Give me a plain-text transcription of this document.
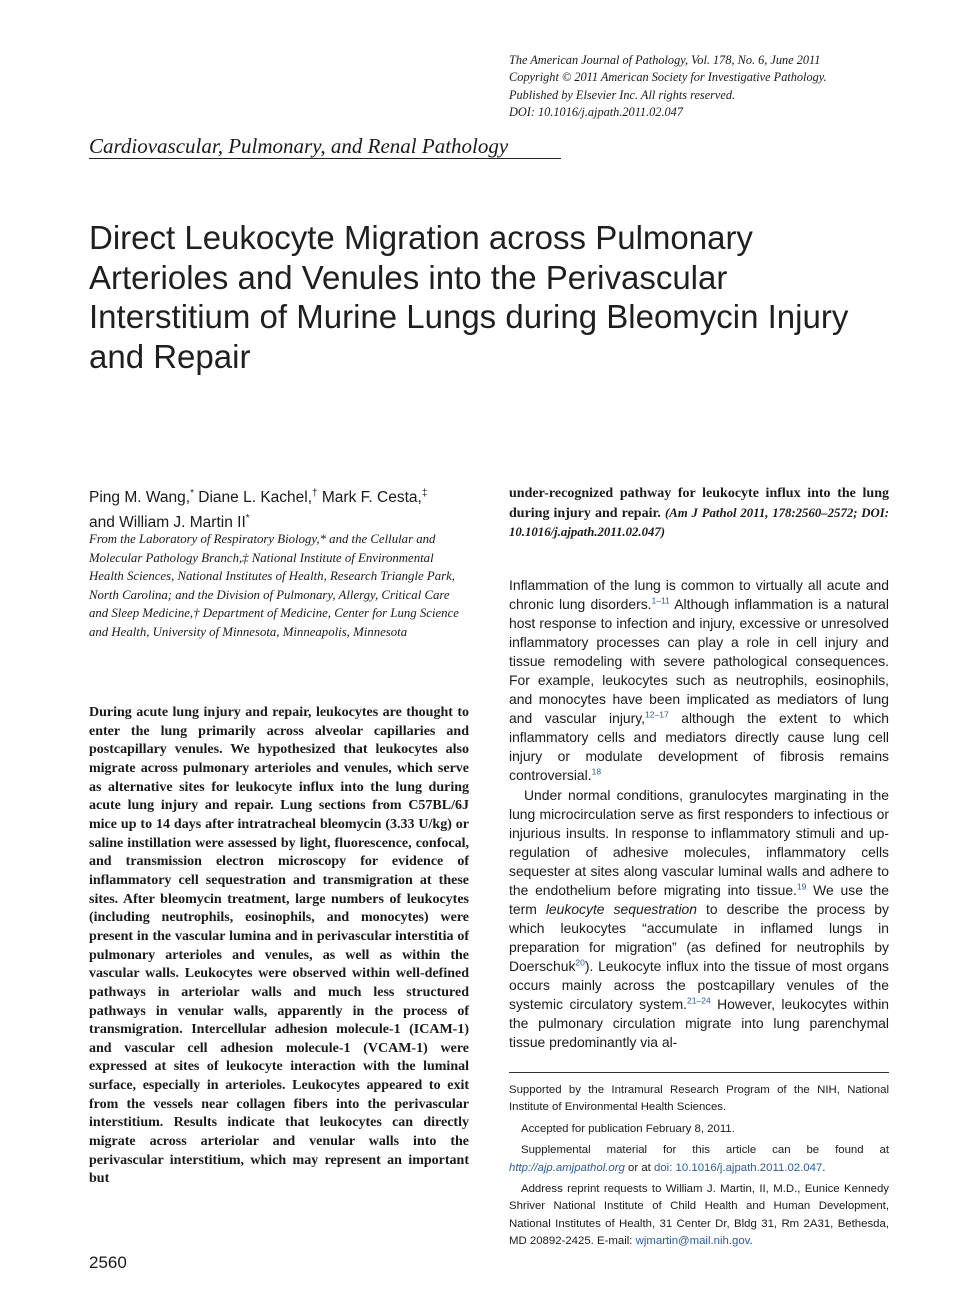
The American Journal of Pathology, Vol. 178, No. 6, June 2011
Copyright © 2011 American Society for Investigative Pathology.
Published by Elsevier Inc. All rights reserved.
DOI: 10.1016/j.ajpath.2011.02.047
Cardiovascular, Pulmonary, and Renal Pathology
Direct Leukocyte Migration across Pulmonary Arterioles and Venules into the Perivascular Interstitium of Murine Lungs during Bleomycin Injury and Repair
Ping M. Wang,* Diane L. Kachel,† Mark F. Cesta,‡
and William J. Martin II*
From the Laboratory of Respiratory Biology,* and the Cellular and Molecular Pathology Branch,‡ National Institute of Environmental Health Sciences, National Institutes of Health, Research Triangle Park, North Carolina; and the Division of Pulmonary, Allergy, Critical Care and Sleep Medicine,† Department of Medicine, Center for Lung Science and Health, University of Minnesota, Minneapolis, Minnesota
During acute lung injury and repair, leukocytes are thought to enter the lung primarily across alveolar capillaries and postcapillary venules. We hypothesized that leukocytes also migrate across pulmonary arterioles and venules, which serve as alternative sites for leukocyte influx into the lung during acute lung injury and repair. Lung sections from C57BL/6J mice up to 14 days after intratracheal bleomycin (3.33 U/kg) or saline instillation were assessed by light, fluorescence, confocal, and transmission electron microscopy for evidence of inflammatory cell sequestration and transmigration at these sites. After bleomycin treatment, large numbers of leukocytes (including neutrophils, eosinophils, and monocytes) were present in the vascular lumina and in perivascular interstitia of pulmonary arterioles and venules, as well as within the vascular walls. Leukocytes were observed within well-defined pathways in arteriolar walls and much less structured pathways in venular walls, apparently in the process of transmigration. Intercellular adhesion molecule-1 (ICAM-1) and vascular cell adhesion molecule-1 (VCAM-1) were expressed at sites of leukocyte interaction with the luminal surface, especially in arterioles. Leukocytes appeared to exit from the vessels near collagen fibers into the perivascular interstitium. Results indicate that leukocytes can directly migrate across arteriolar and venular walls into the perivascular interstitium, which may represent an important but
under-recognized pathway for leukocyte influx into the lung during injury and repair. (Am J Pathol 2011, 178:2560–2572; DOI: 10.1016/j.ajpath.2011.02.047)

Inflammation of the lung is common to virtually all acute and chronic lung disorders.$^{1-11}$ Although inflammation is a natural host response to infection and injury, excessive or unresolved inflammatory processes can play a role in cell injury and tissue remodeling with severe pathological consequences. For example, leukocytes such as neutrophils, eosinophils, and monocytes have been implicated as mediators of lung and vascular injury,$^{12-17}$ although the extent to which inflammatory cells and mediators directly cause lung cell injury or modulate development of fibrosis remains controversial.$^{18}$

Under normal conditions, granulocytes marginating in the lung microcirculation serve as first responders to infectious or injurious insults. In response to inflammatory stimuli and up-regulation of adhesive molecules, inflammatory cells sequester at sites along vascular luminal walls and adhere to the endothelium before migrating into tissue.$^{19}$ We use the term leukocyte sequestration to describe the process by which leukocytes “accumulate in inflamed lungs in preparation for migration” (as defined for neutrophils by Doerschuk$^{20}$). Leukocyte influx into the tissue of most organs occurs mainly across the postcapillary venules of the systemic circulatory system.$^{21-24}$ However, leukocytes within the pulmonary circulation migrate into lung parenchymal tissue predominantly via al-

Supported by the Intramural Research Program of the NIH, National Institute of Environmental Health Sciences.

Accepted for publication February 8, 2011.

Supplemental material for this article can be found at http://ajp.amjpathol.org or at doi: 10.1016/j.ajpath.2011.02.047.

Address reprint requests to William J. Martin, II, M.D., Eunice Kennedy Shriver National Institute of Child Health and Human Development, National Institutes of Health, 31 Center Dr, Bldg 31, Rm 2A31, Bethesda, MD 20892-2425. E-mail: wjmartin@mail.nih.gov.

2560
